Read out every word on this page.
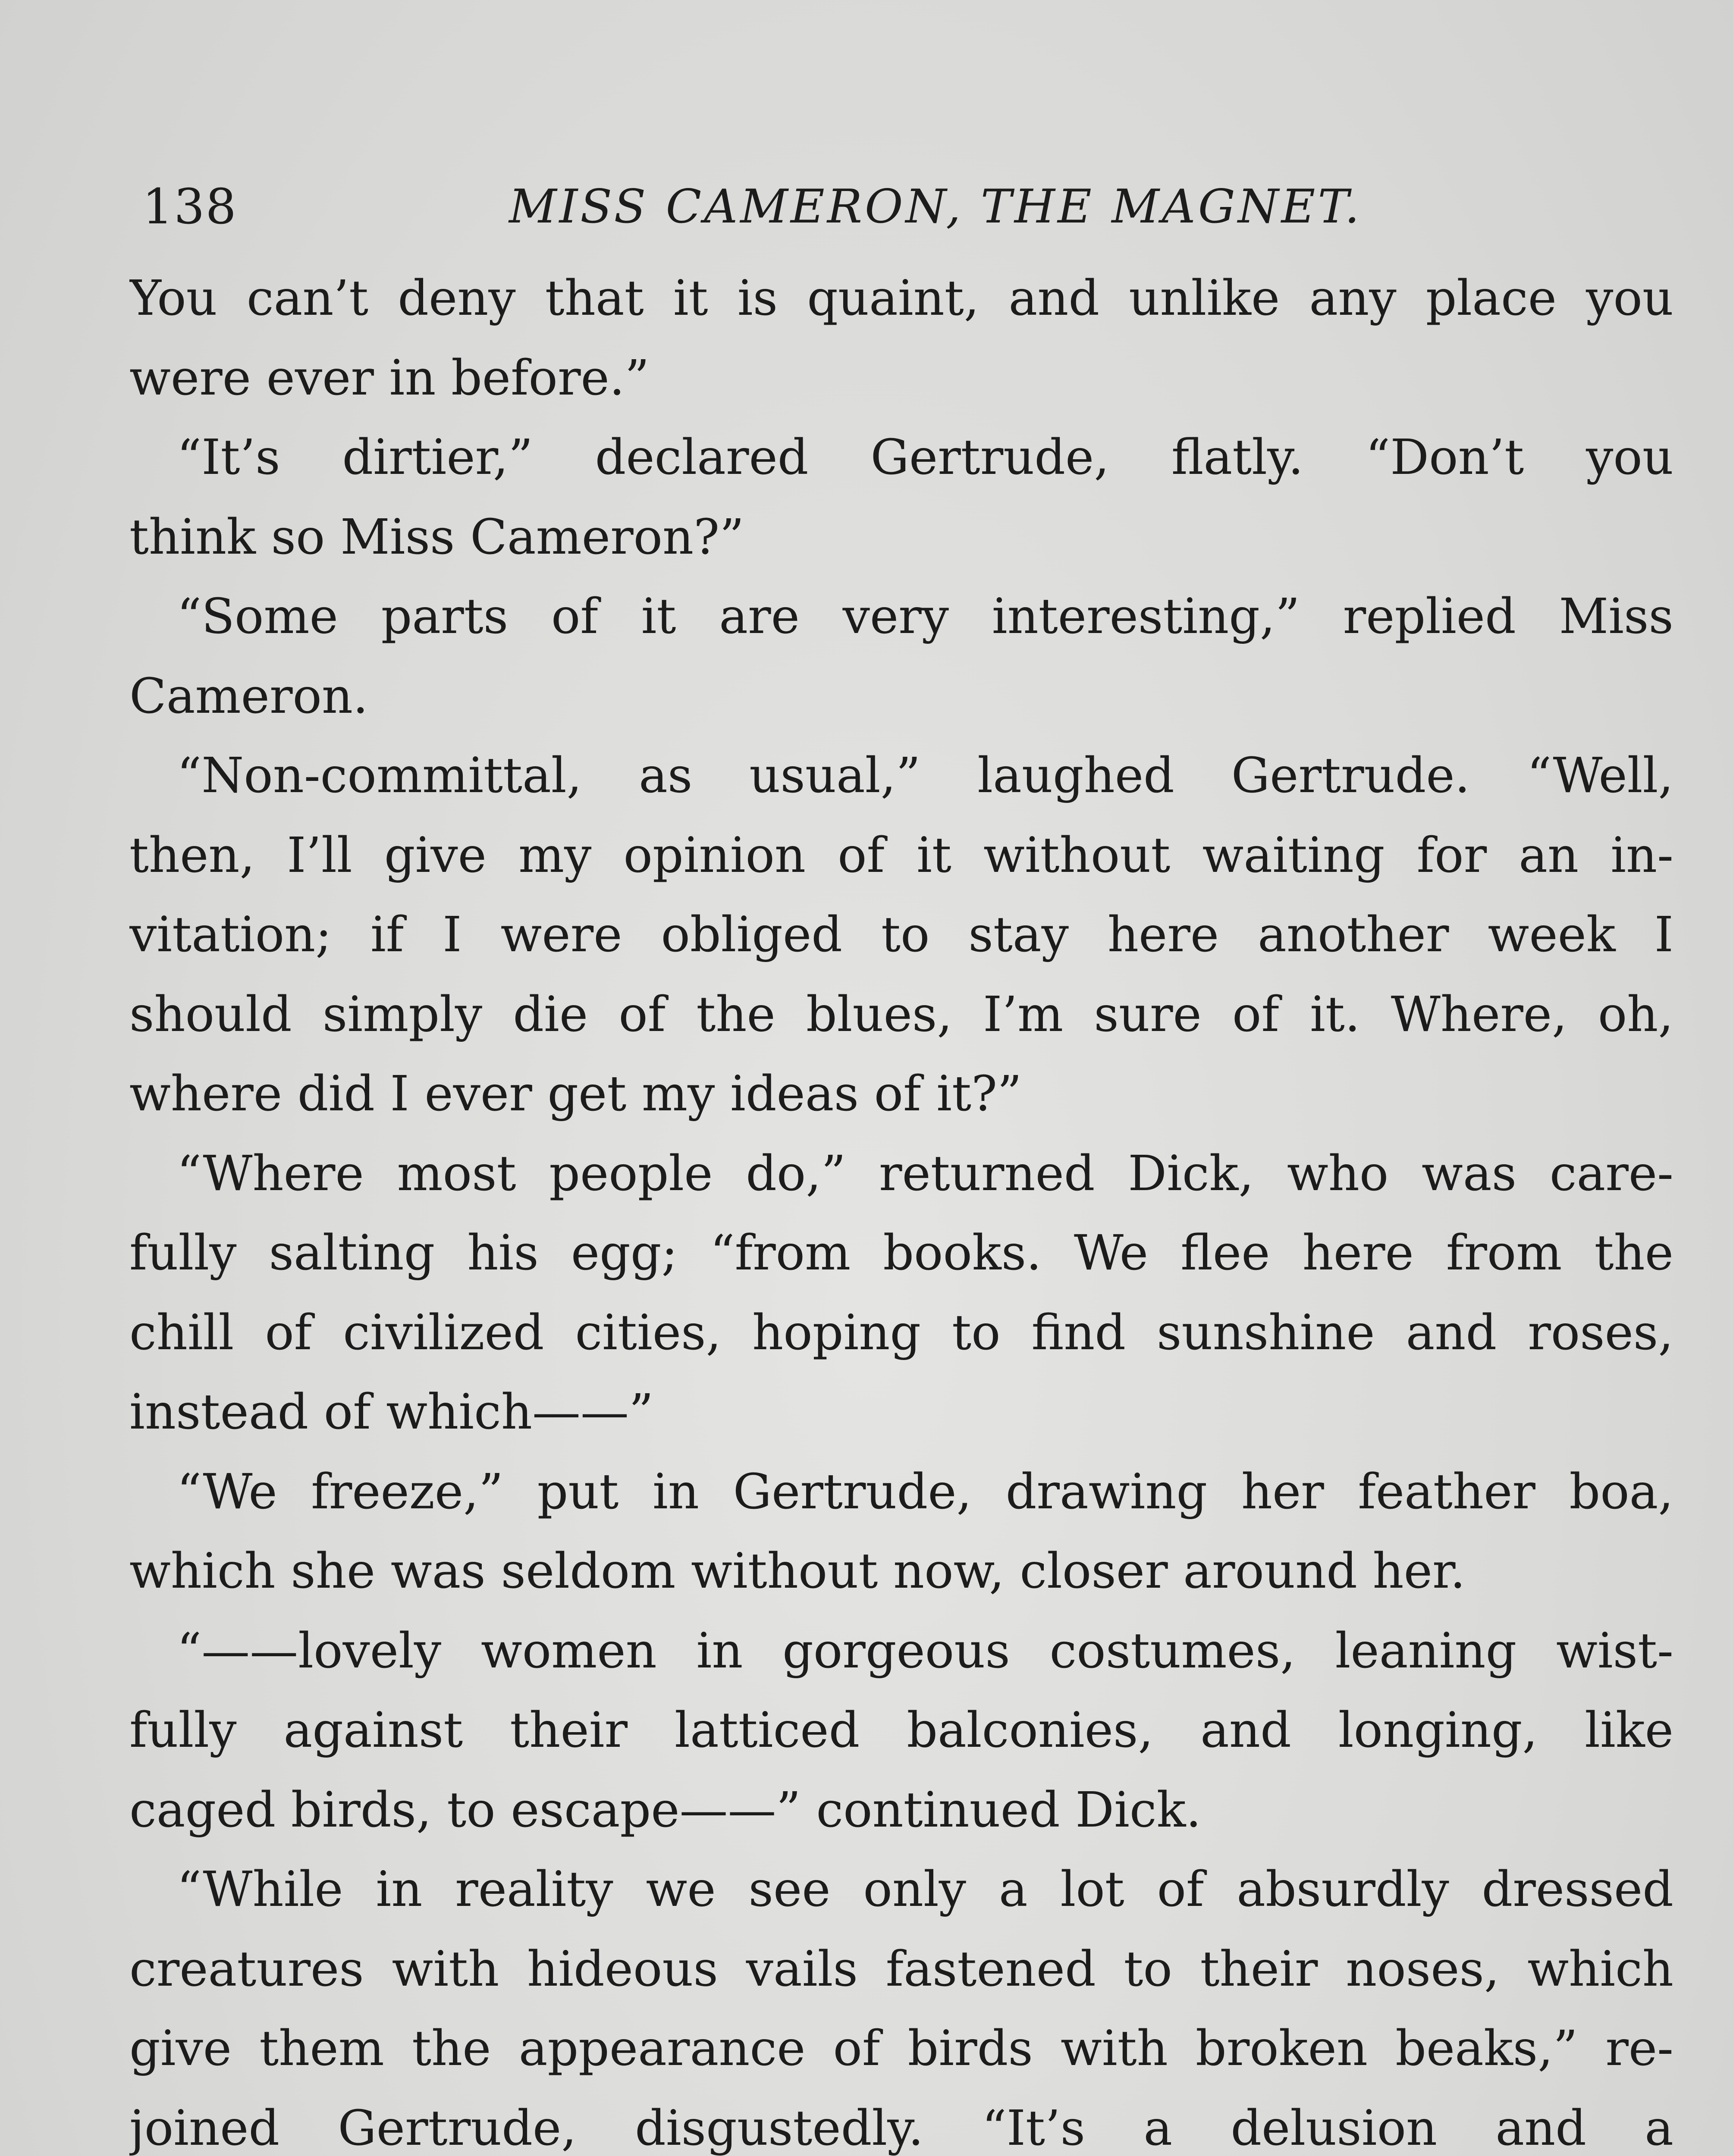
138	MISS CAMERON, THE MAGNET.
You can’t deny that it is quaint, and unlike any place you
were ever in before.”
“It’s dirtier,” declared Gertrude, flatly. “Don’t you
think so Miss Cameron?”
“Some parts of it are very interesting,” replied Miss
Cameron.
“Non-committal, as usual,” laughed Gertrude. “Well,
then, I’ll give my opinion of it without waiting for an in-
vitation; if I were obliged to stay here another week I
should simply die of the blues, I’m sure of it. Where, oh,
where did I ever get my ideas of it?”
“Where most people do,” returned Dick, who was care-
fully salting his egg; “from books. We flee here from the
chill of civilized cities, hoping to find sunshine and roses,
instead of which——”
“We freeze,” put in Gertrude, drawing her feather boa,
which she was seldom without now, closer around her.
“——lovely women in gorgeous costumes, leaning wist-
fully against their latticed balconies, and longing, like
caged birds, to escape——” continued Dick.
“While in reality we see only a lot of absurdly dressed
creatures with hideous vails fastened to their noses, which
give them the appearance of birds with broken beaks,” re-
joined Gertrude, disgustedly. “It’s a delusion and a
